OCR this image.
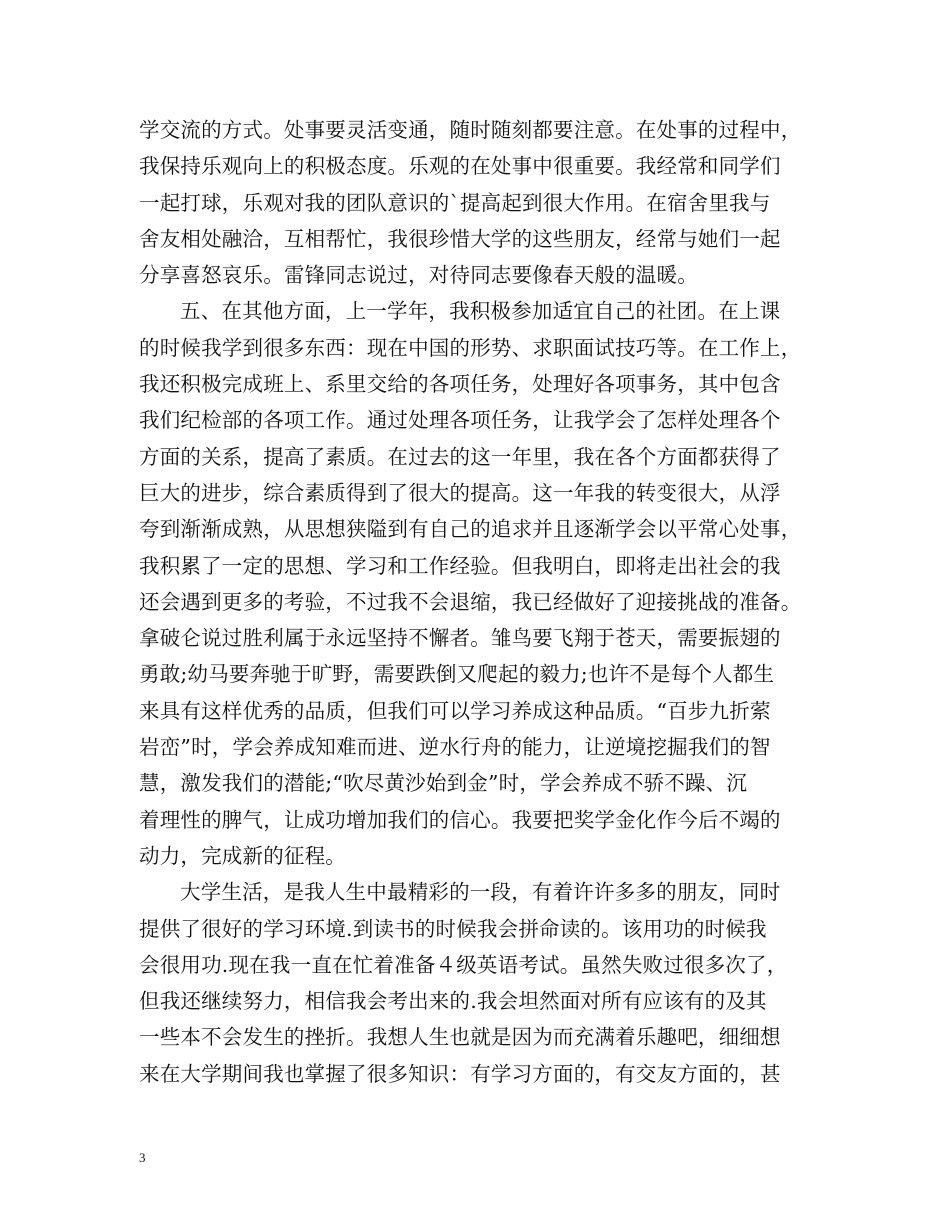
学交流的方式。处事要灵活变通，随时随刻都要注意。在处事的过程中，
我保持乐观向上的积极态度。乐观的在处事中很重要。我经常和同学们
一起打球，乐观对我的团队意识的`提高起到很大作用。在宿舍里我与
舍友相处融洽，互相帮忙，我很珍惜大学的这些朋友，经常与她们一起
分享喜怒哀乐。雷锋同志说过，对待同志要像春天般的温暖。
五、在其他方面，上一学年，我积极参加适宜自己的社团。在上课
的时候我学到很多东西：现在中国的形势、求职面试技巧等。在工作上，
我还积极完成班上、系里交给的各项任务，处理好各项事务，其中包含
我们纪检部的各项工作。通过处理各项任务，让我学会了怎样处理各个
方面的关系，提高了素质。在过去的这一年里，我在各个方面都获得了
巨大的进步，综合素质得到了很大的提高。这一年我的转变很大，从浮
夸到渐渐成熟，从思想狭隘到有自己的追求并且逐渐学会以平常心处事，
我积累了一定的思想、学习和工作经验。但我明白，即将走出社会的我
还会遇到更多的考验，不过我不会退缩，我已经做好了迎接挑战的准备。
拿破仑说过胜利属于永远坚持不懈者。雏鸟要飞翔于苍天，需要振翅的
勇敢;幼马要奔驰于旷野，需要跌倒又爬起的毅力;也许不是每个人都生
来具有这样优秀的品质，但我们可以学习养成这种品质。“百步九折萦
岩峦”时，学会养成知难而进、逆水行舟的能力，让逆境挖掘我们的智
慧，激发我们的潜能;“吹尽黄沙始到金”时，学会养成不骄不躁、沉
着理性的脾气，让成功增加我们的信心。我要把奖学金化作今后不竭的
动力，完成新的征程。
大学生活，是我人生中最精彩的一段，有着许许多多的朋友，同时
提供了很好的学习环境.到读书的时候我会拼命读的。该用功的时候我
会很用功.现在我一直在忙着准备４级英语考试。虽然失败过很多次了，
但我还继续努力，相信我会考出来的.我会坦然面对所有应该有的及其
一些本不会发生的挫折。我想人生也就是因为而充满着乐趣吧，细细想
来在大学期间我也掌握了很多知识：有学习方面的，有交友方面的，甚
3
